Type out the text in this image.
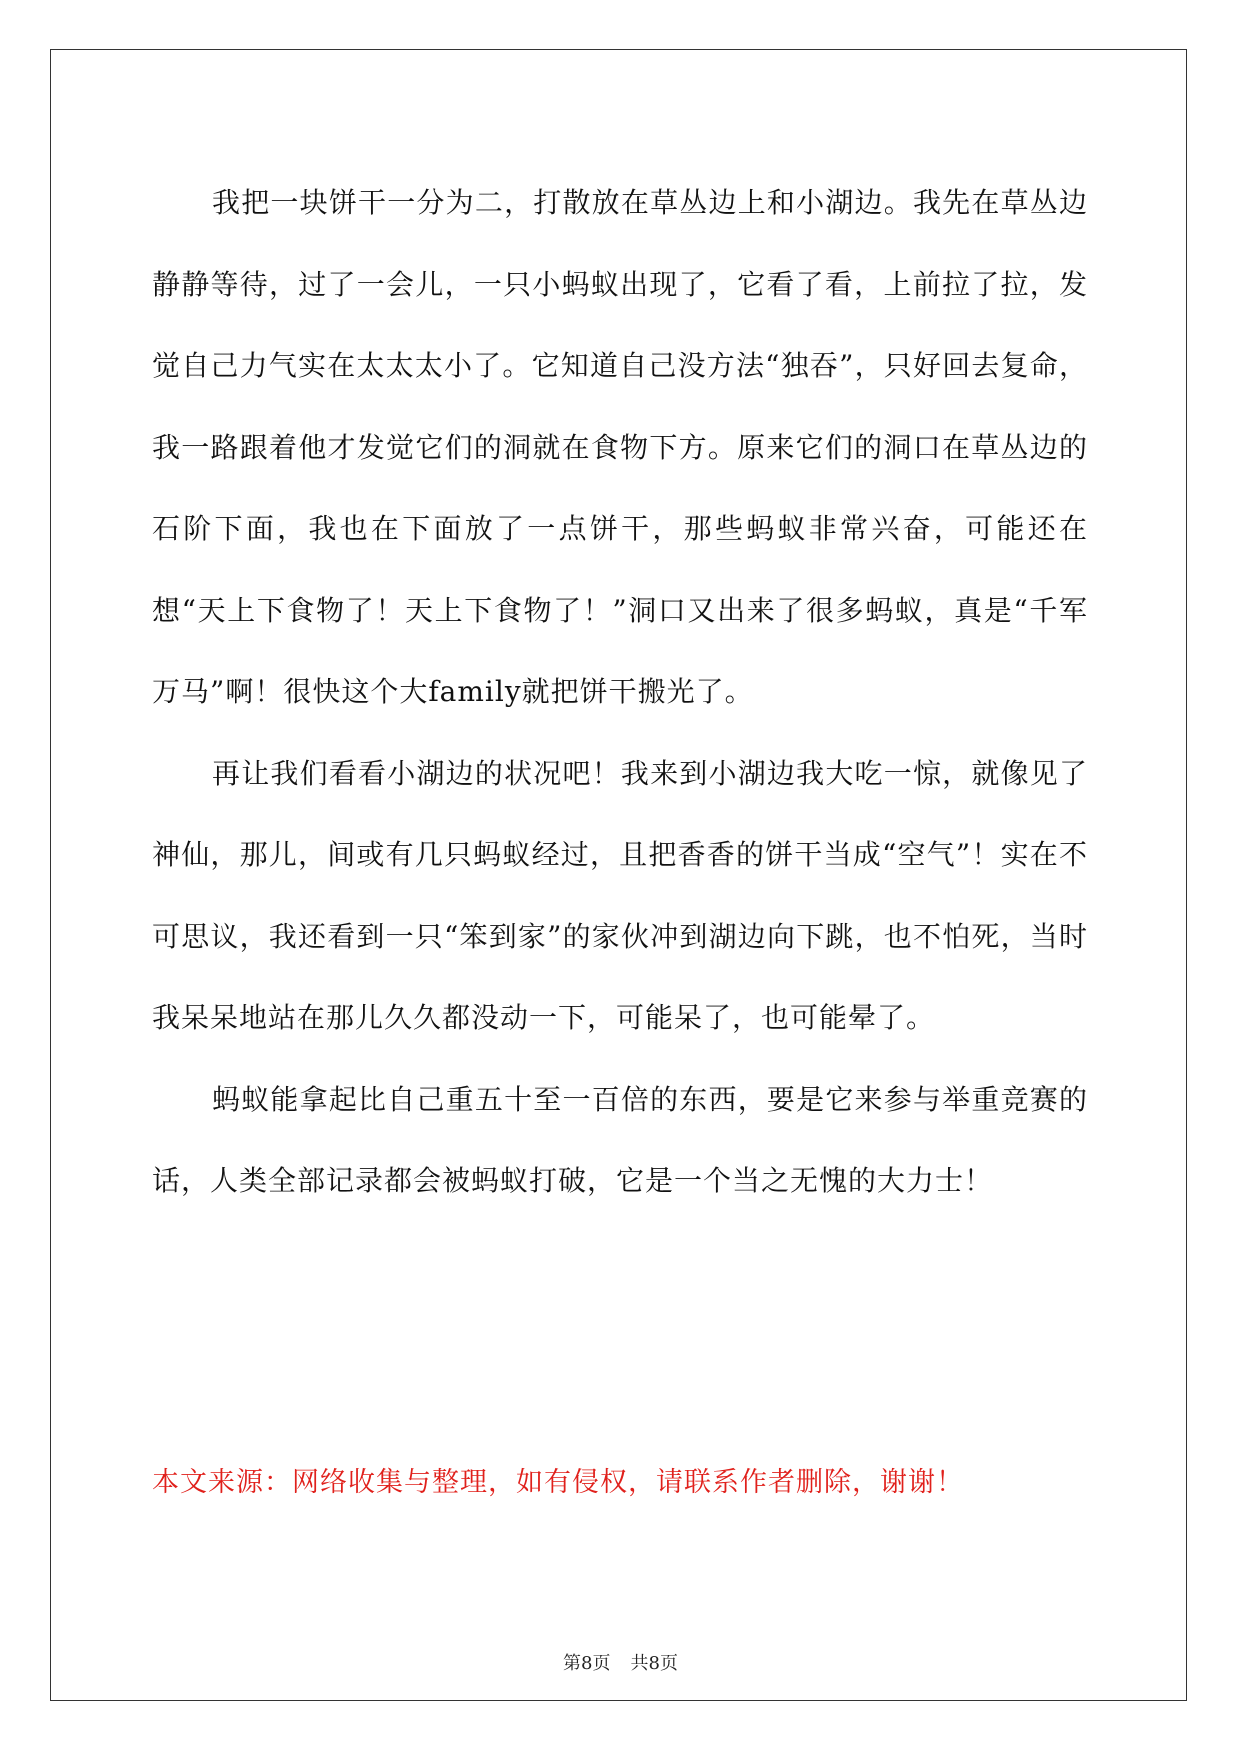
我把一块饼干一分为二，打散放在草丛边上和小湖边。我先在草丛边静静等待，过了一会儿，一只小蚂蚁出现了，它看了看，上前拉了拉，发觉自己力气实在太太太小了。它知道自己没方法“独吞”，只好回去复命，我一路跟着他才发觉它们的洞就在食物下方。原来它们的洞口在草丛边的石阶下面，我也在下面放了一点饼干，那些蚂蚁非常兴奋，可能还在想“天上下食物了！天上下食物了！”洞口又出来了很多蚂蚁，真是“千军万马”啊！很快这个大family就把饼干搬光了。

再让我们看看小湖边的状况吧！我来到小湖边我大吃一惊，就像见了神仙，那儿，间或有几只蚂蚁经过，且把香香的饼干当成“空气”！实在不可思议，我还看到一只“笨到家”的家伙冲到湖边向下跳，也不怕死，当时我呆呆地站在那儿久久都没动一下，可能呆了，也可能晕了。

蚂蚁能拿起比自己重五十至一百倍的东西，要是它来参与举重竞赛的话，人类全部记录都会被蚂蚁打破，它是一个当之无愧的大力士！

本文来源：网络收集与整理，如有侵权，请联系作者删除，谢谢！
第8页 共8页
